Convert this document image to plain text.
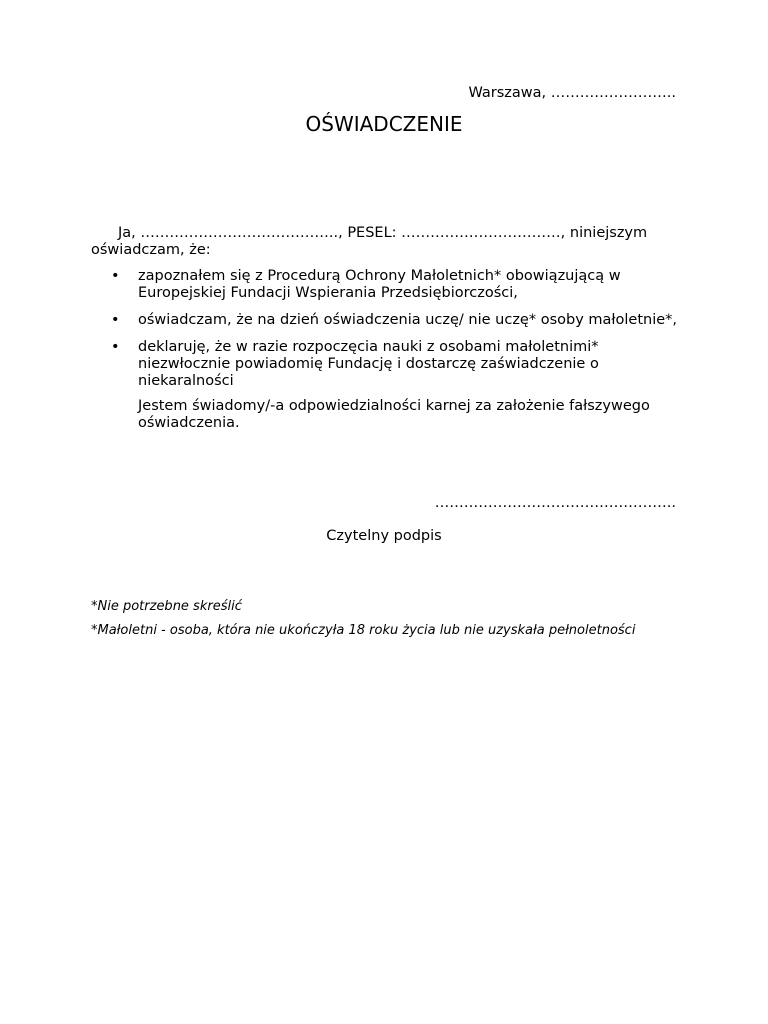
Warszawa, ……………………..
OŚWIADCZENIE
Ja, ………………………………….., PESEL: ……………………………, niniejszym
oświadczam, że:
• zapoznałem się z Procedurą Ochrony Małoletnich* obowiązującą w
Europejskiej Fundacji Wspierania Przedsiębiorczości,
• oświadczam, że na dzień oświadczenia uczę/ nie uczę* osoby małoletnie*,
• deklaruję, że w razie rozpoczęcia nauki z osobami małoletnimi*
niezwłocznie powiadomię Fundację i dostarczę zaświadczenie o
niekaralności
Jestem świadomy/-a odpowiedzialności karnej za założenie fałszywego
oświadczenia.
…………………………………………..
Czytelny podpis
*Nie potrzebne skreślić
*Małoletni - osoba, która nie ukończyła 18 roku życia lub nie uzyskała pełnoletności
